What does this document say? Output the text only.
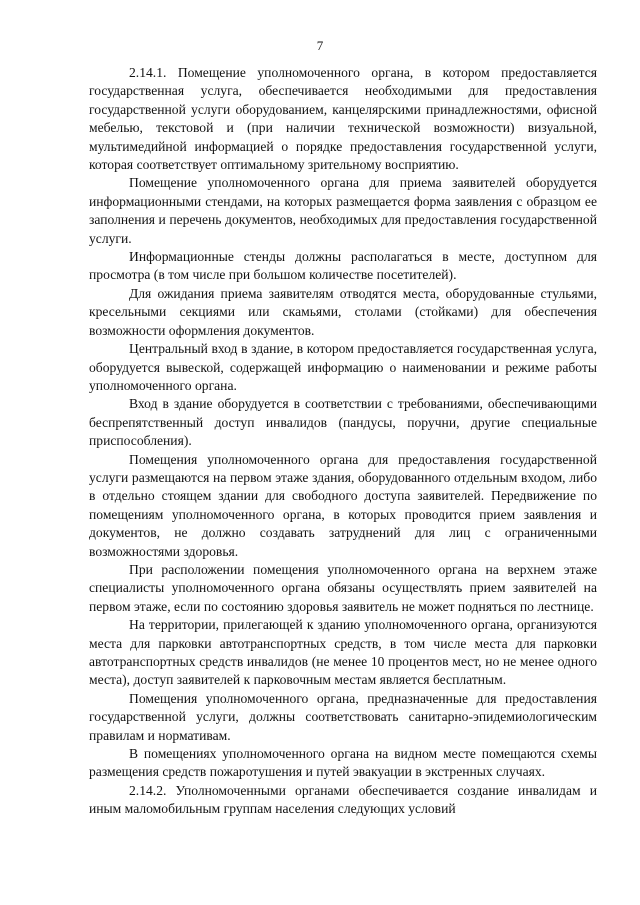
7

2.14.1. Помещение уполномоченного органа, в котором предоставляется государственная услуга, обеспечивается необходимыми для предоставления государственной услуги оборудованием, канцелярскими принадлежностями, офисной мебелью, текстовой и (при наличии технической возможности) визуальной, мультимедийной информацией о порядке предоставления государственной услуги, которая соответствует оптимальному зрительному восприятию.

Помещение уполномоченного органа для приема заявителей оборудуется информационными стендами, на которых размещается форма заявления с образцом ее заполнения и перечень документов, необходимых для предоставления государственной услуги.

Информационные стенды должны располагаться в месте, доступном для просмотра (в том числе при большом количестве посетителей).

Для ожидания приема заявителям отводятся места, оборудованные стульями, кресельными секциями или скамьями, столами (стойками) для обеспечения возможности оформления документов.

Центральный вход в здание, в котором предоставляется государственная услуга, оборудуется вывеской, содержащей информацию о наименовании и режиме работы уполномоченного органа.

Вход в здание оборудуется в соответствии с требованиями, обеспечивающими беспрепятственный доступ инвалидов (пандусы, поручни, другие специальные приспособления).

Помещения уполномоченного органа для предоставления государственной услуги размещаются на первом этаже здания, оборудованного отдельным входом, либо в отдельно стоящем здании для свободного доступа заявителей. Передвижение по помещениям уполномоченного органа, в которых проводится прием заявления и документов, не должно создавать затруднений для лиц с ограниченными возможностями здоровья.

При расположении помещения уполномоченного органа на верхнем этаже специалисты уполномоченного органа обязаны осуществлять прием заявителей на первом этаже, если по состоянию здоровья заявитель не может подняться по лестнице.

На территории, прилегающей к зданию уполномоченного органа, организуются места для парковки автотранспортных средств, в том числе места для парковки автотранспортных средств инвалидов (не менее 10 процентов мест, но не менее одного места), доступ заявителей к парковочным местам является бесплатным.

Помещения уполномоченного органа, предназначенные для предоставления государственной услуги, должны соответствовать санитарно-эпидемиологическим правилам и нормативам.

В помещениях уполномоченного органа на видном месте помещаются схемы размещения средств пожаротушения и путей эвакуации в экстренных случаях.

2.14.2. Уполномоченными органами обеспечивается создание инвалидам и иным маломобильным группам населения следующих условий
